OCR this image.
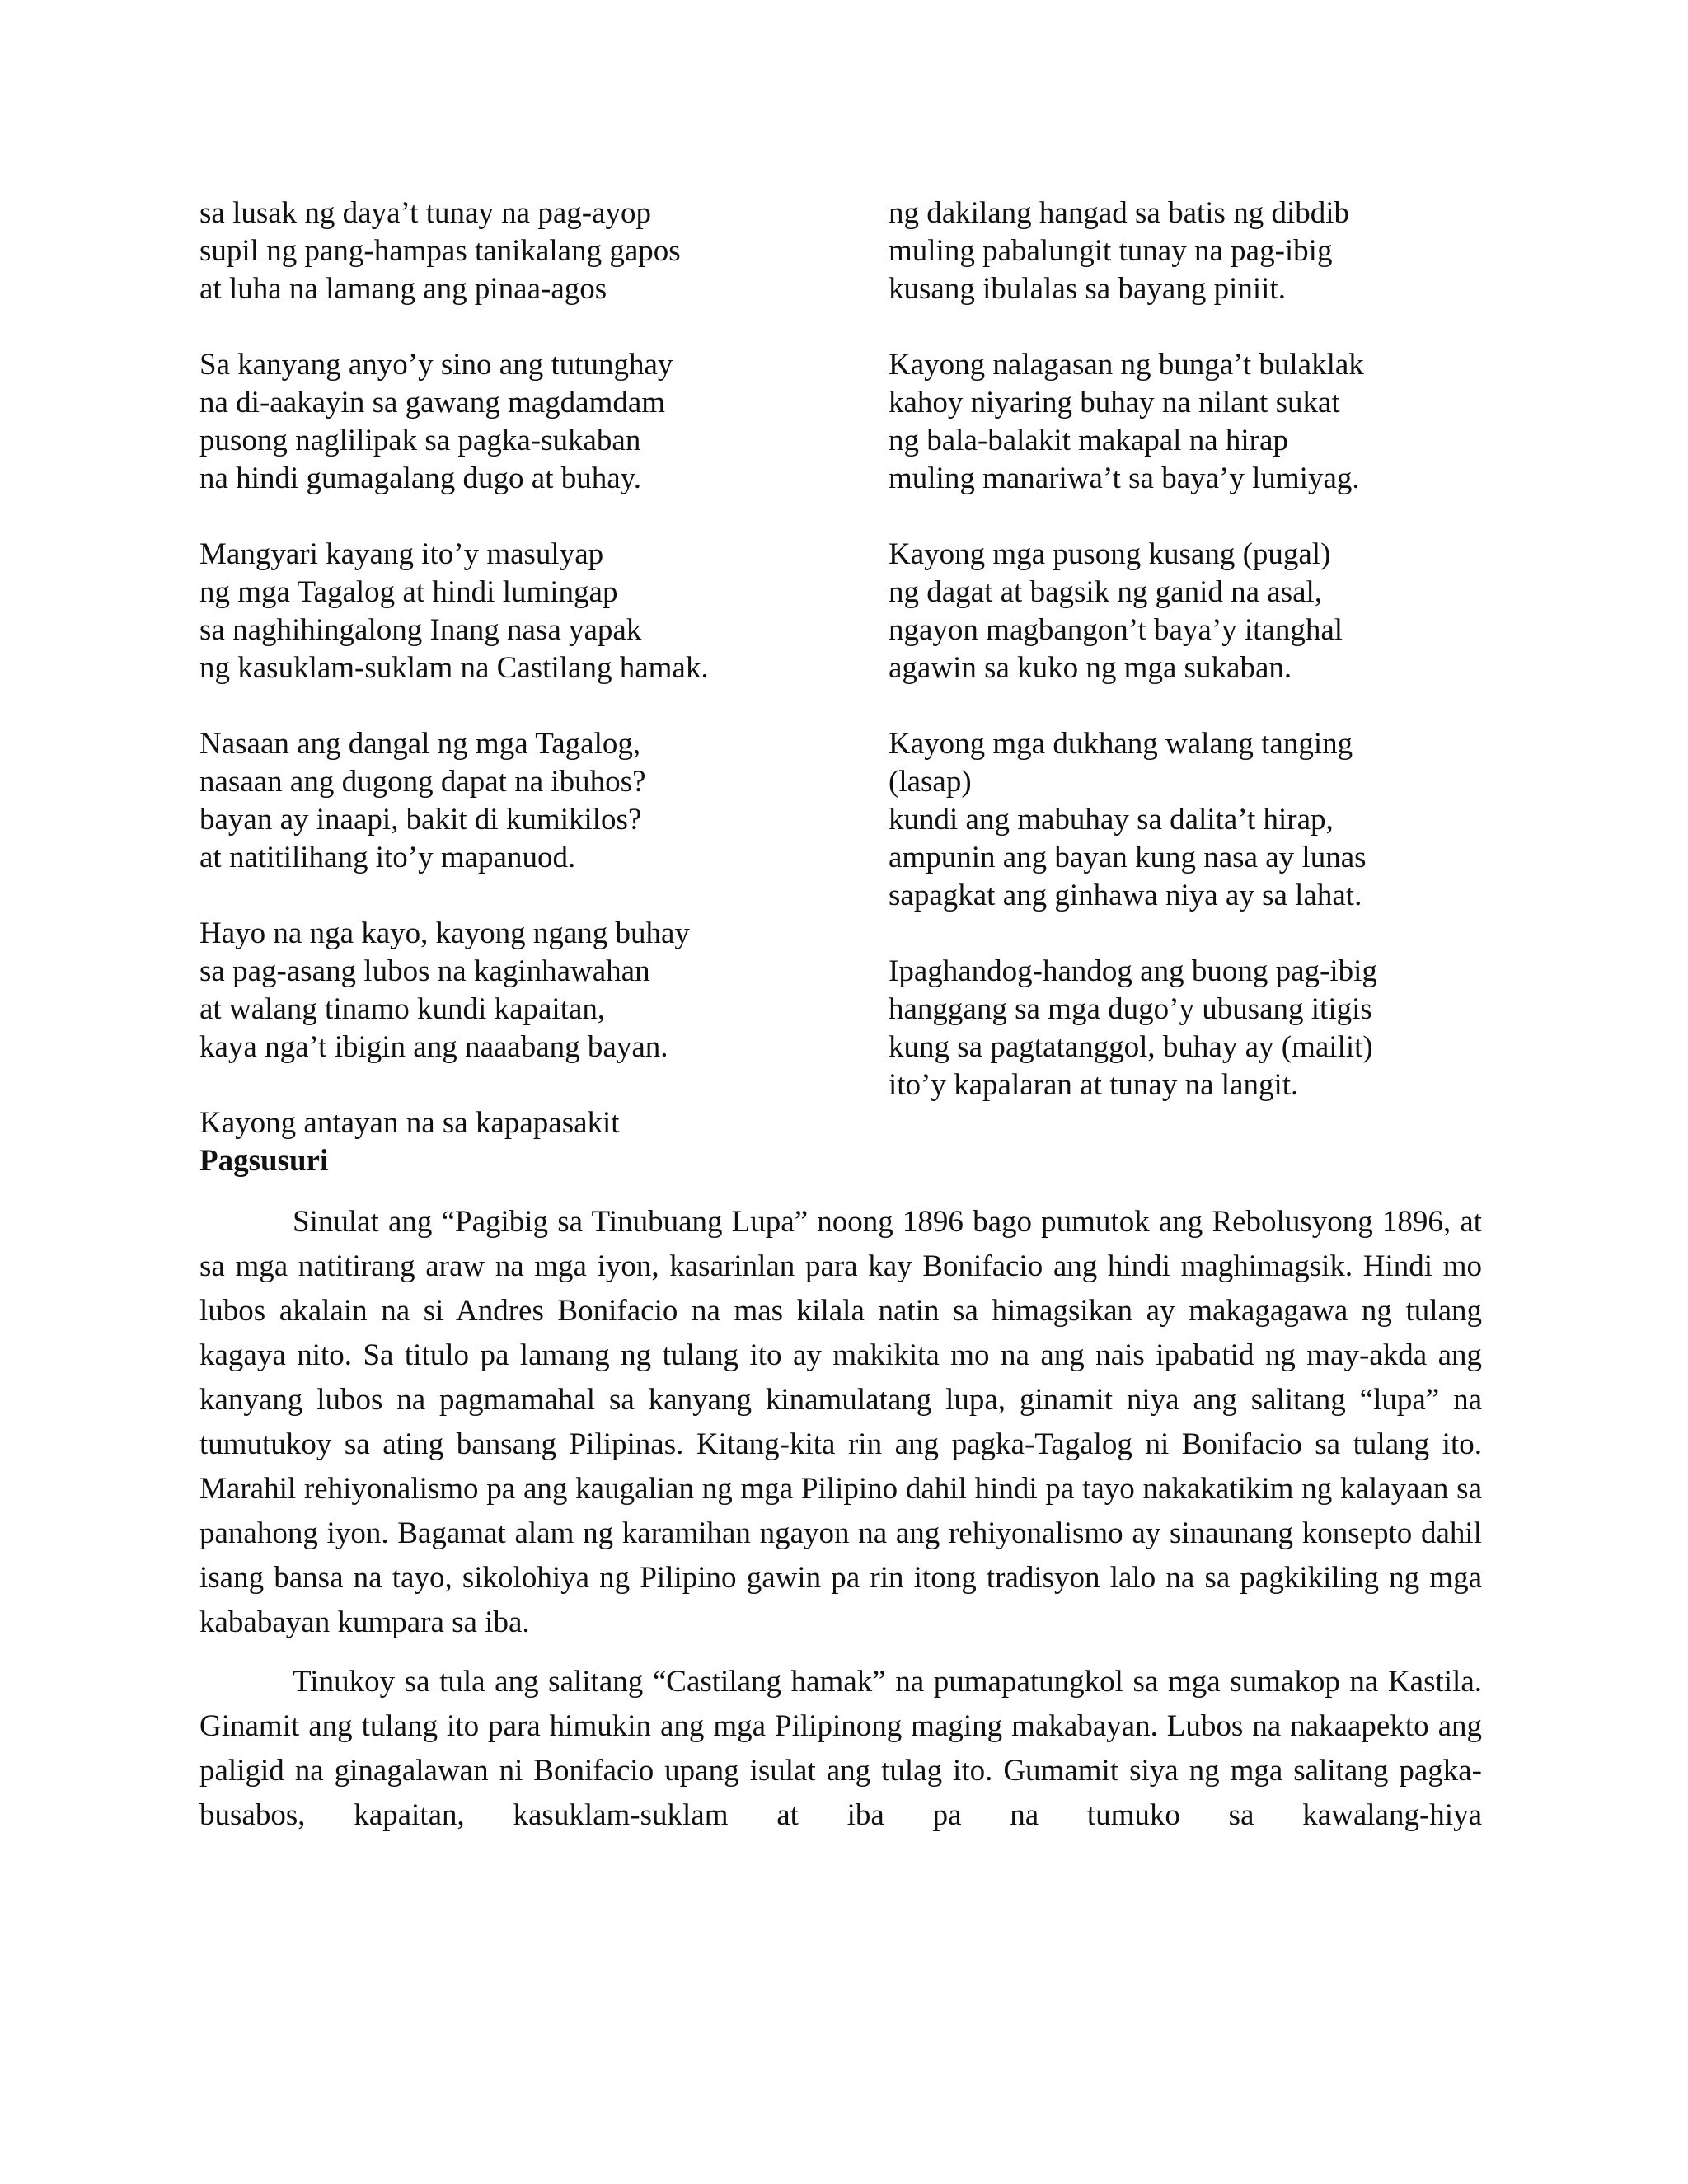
sa lusak ng daya’t tunay na pag-ayop
supil ng pang-hampas tanikalang gapos
at luha na lamang ang pinaa-agos
Sa kanyang anyo’y sino ang tutunghay
na di-aakayin sa gawang magdamdam
pusong naglilipak sa pagka-sukaban
na hindi gumagalang dugo at buhay.
Mangyari kayang ito’y masulyap
ng mga Tagalog at hindi lumingap
sa naghihingalong Inang nasa yapak
ng kasuklam-suklam na Castilang hamak.
Nasaan ang dangal ng mga Tagalog,
nasaan ang dugong dapat na ibuhos?
bayan ay inaapi, bakit di kumikilos?
at natitilihang ito’y mapanuod.
Hayo na nga kayo, kayong ngang buhay
sa pag-asang lubos na kaginhawahan
at walang tinamo kundi kapaitan,
kaya nga’t ibigin ang naaabang bayan.
Kayong antayan na sa kapapasakit
Pagsusuri
ng dakilang hangad sa batis ng dibdib
muling pabalungit tunay na pag-ibig
kusang ibulalas sa bayang piniit.
Kayong nalagasan ng bunga’t bulaklak
kahoy niyaring buhay na nilant sukat
ng bala-balakit makapal na hirap
muling manariwa’t sa baya’y lumiyag.
Kayong mga pusong kusang (pugal)
ng dagat at bagsik ng ganid na asal,
ngayon magbangon’t baya’y itanghal
agawin sa kuko ng mga sukaban.
Kayong mga dukhang walang tanging
(lasap)
kundi ang mabuhay sa dalita’t hirap,
ampunin ang bayan kung nasa ay lunas
sapagkat ang ginhawa niya ay sa lahat.
Ipaghandog-handog ang buong pag-ibig
hanggang sa mga dugo’y ubusang itigis
kung sa pagtatanggol, buhay ay (mailit)
ito’y kapalaran at tunay na langit.

Sinulat ang “Pagibig sa Tinubuang Lupa” noong 1896 bago pumutok ang Rebolusyong 1896, at sa mga natitirang araw na mga iyon, kasarinlan para kay Bonifacio ang hindi maghimagsik. Hindi mo lubos akalain na si Andres Bonifacio na mas kilala natin sa himagsikan ay makagagawa ng tulang kagaya nito. Sa titulo pa lamang ng tulang ito ay makikita mo na ang nais ipabatid ng may-akda ang kanyang lubos na pagmamahal sa kanyang kinamulatang lupa, ginamit niya ang salitang “lupa” na tumutukoy sa ating bansang Pilipinas. Kitang-kita rin ang pagka-Tagalog ni Bonifacio sa tulang ito. Marahil rehiyonalismo pa ang kaugalian ng mga Pilipino dahil hindi pa tayo nakakatikim ng kalayaan sa panahong iyon. Bagamat alam ng karamihan ngayon na ang rehiyonalismo ay sinaunang konsepto dahil isang bansa na tayo, sikolohiya ng Pilipino gawin pa rin itong tradisyon lalo na sa pagkikiling ng mga kababayan kumpara sa iba.

Tinukoy sa tula ang salitang “Castilang hamak” na pumapatungkol sa mga sumakop na Kastila. Ginamit ang tulang ito para himukin ang mga Pilipinong maging makabayan. Lubos na nakaapekto ang paligid na ginagalawan ni Bonifacio upang isulat ang tulag ito. Gumamit siya ng mga salitang pagka-busabos, kapaitan, kasuklam-suklam at iba pa na tumuko sa kawalang-hiya
